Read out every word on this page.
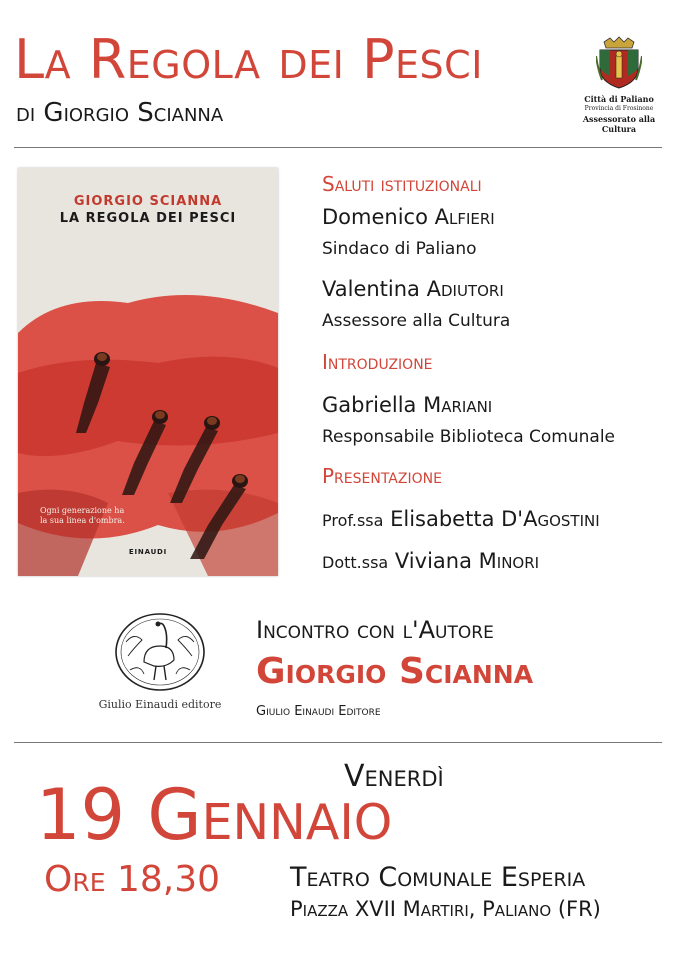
La Regola dei Pesci
di Giorgio Scianna	Città di Paliano
Provincia di Frosinone
Assessorato alla Cultura
GIORGIO SCIANNA
LA REGOLA DEI PESCI
Ogni generazione ha
la sua linea d'ombra.
EINAUDI
Saluti istituzionali
Domenico Alfieri
Sindaco di Paliano
Valentina Adiutori
Assessore alla Cultura
Introduzione
Gabriella Mariani
Responsabile Biblioteca Comunale
Presentazione
Prof.ssa Elisabetta D'Agostini
Dott.ssa Viviana Minori
Giulio Einaudi editore
Incontro con l'Autore
Giorgio Scianna
Giulio Einaudi Editore
Venerdì
19 Gennaio
Ore 18,30	Teatro Comunale Esperia
Piazza XVII Martiri, Paliano (FR)
